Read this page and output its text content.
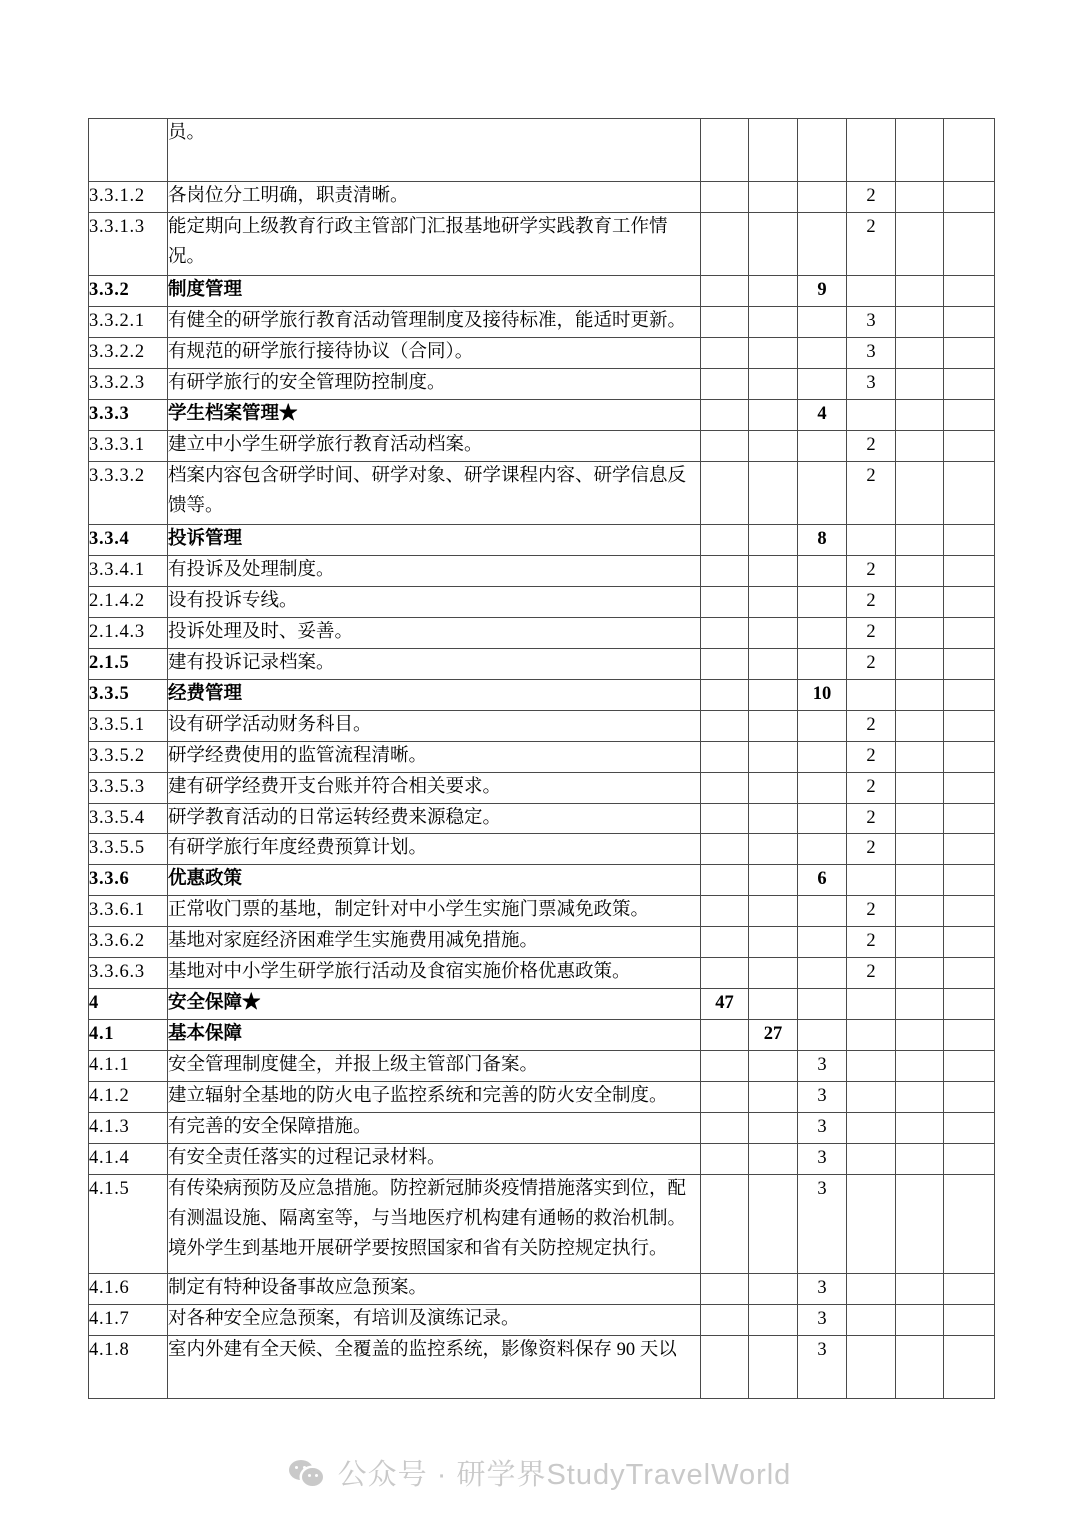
	员。						
3.3.1.2	各岗位分工明确，职责清晰。				2		
3.3.1.3	能定期向上级教育行政主管部门汇报基地研学实践教育工作情况。				2		
3.3.2	制度管理			9			
3.3.2.1	有健全的研学旅行教育活动管理制度及接待标准，能适时更新。				3		
3.3.2.2	有规范的研学旅行接待协议（合同）。				3		
3.3.2.3	有研学旅行的安全管理防控制度。				3		
3.3.3	学生档案管理★			4			
3.3.3.1	建立中小学生研学旅行教育活动档案。				2		
3.3.3.2	档案内容包含研学时间、研学对象、研学课程内容、研学信息反馈等。				2		
3.3.4	投诉管理			8			
3.3.4.1	有投诉及处理制度。				2		
2.1.4.2	设有投诉专线。				2		
2.1.4.3	投诉处理及时、妥善。				2		
2.1.5	建有投诉记录档案。				2		
3.3.5	经费管理			10			
3.3.5.1	设有研学活动财务科目。				2		
3.3.5.2	研学经费使用的监管流程清晰。				2		
3.3.5.3	建有研学经费开支台账并符合相关要求。				2		
3.3.5.4	研学教育活动的日常运转经费来源稳定。				2		
3.3.5.5	有研学旅行年度经费预算计划。				2		
3.3.6	优惠政策			6			
3.3.6.1	正常收门票的基地，制定针对中小学生实施门票减免政策。				2		
3.3.6.2	基地对家庭经济困难学生实施费用减免措施。				2		
3.3.6.3	基地对中小学生研学旅行活动及食宿实施价格优惠政策。				2		
4	安全保障★	47					
4.1	基本保障		27				
4.1.1	安全管理制度健全，并报上级主管部门备案。			3			
4.1.2	建立辐射全基地的防火电子监控系统和完善的防火安全制度。			3			
4.1.3	有完善的安全保障措施。			3			
4.1.4	有安全责任落实的过程记录材料。			3			
4.1.5	有传染病预防及应急措施。防控新冠肺炎疫情措施落实到位，配有测温设施、隔离室等，与当地医疗机构建有通畅的救治机制。境外学生到基地开展研学要按照国家和省有关防控规定执行。			3			
4.1.6	制定有特种设备事故应急预案。			3			
4.1.7	对各种安全应急预案，有培训及演练记录。			3			
4.1.8	室内外建有全天候、全覆盖的监控系统，影像资料保存 90 天以			3			
公众号 · 研学界StudyTravelWorld
